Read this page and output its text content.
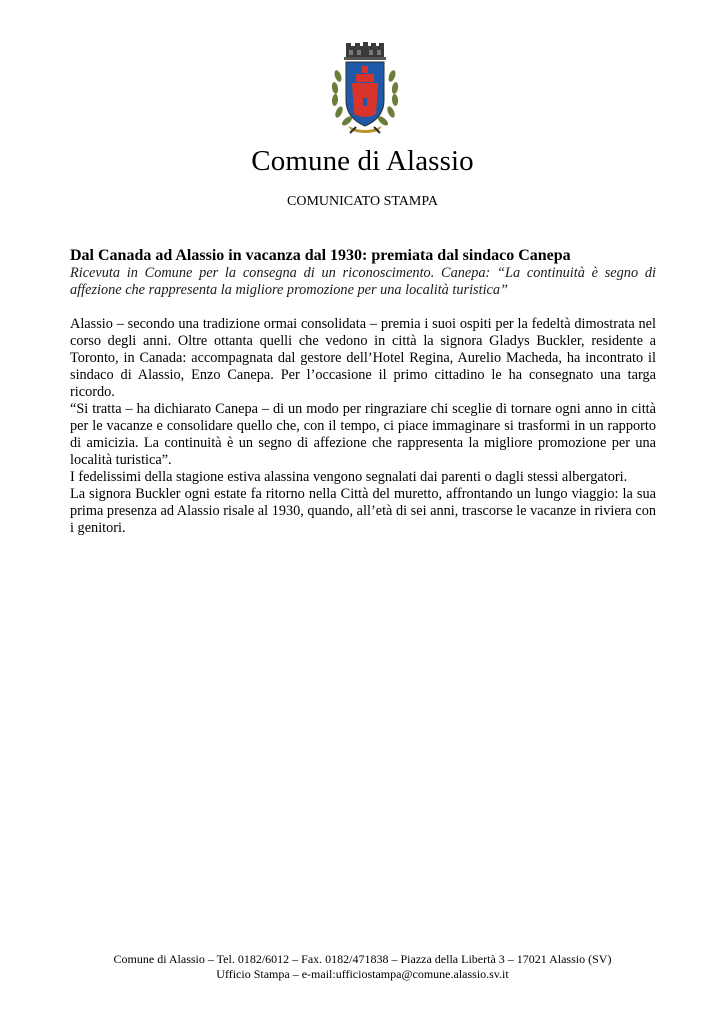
Comune di Alassio
COMUNICATO STAMPA
Dal Canada ad Alassio in vacanza dal 1930: premiata dal sindaco Canepa

Ricevuta in Comune per la consegna di un riconoscimento. Canepa: “La continuità è segno di affezione che rappresenta la migliore promozione per una località turistica”

Alassio – secondo una tradizione ormai consolidata – premia i suoi ospiti per la fedeltà dimostrata nel corso degli anni. Oltre ottanta quelli che vedono in città la signora Gladys Buckler, residente a Toronto, in Canada: accompagnata dal gestore dell’Hotel Regina, Aurelio Macheda, ha incontrato il sindaco di Alassio, Enzo Canepa. Per l’occasione il primo cittadino le ha consegnato una targa ricordo.

“Si tratta – ha dichiarato Canepa – di un modo per ringraziare chi sceglie di tornare ogni anno in città per le vacanze e consolidare quello che, con il tempo, ci piace immaginare si trasformi in un rapporto di amicizia. La continuità è un segno di affezione che rappresenta la migliore promozione per una località turistica”.

I fedelissimi della stagione estiva alassina vengono segnalati dai parenti o dagli stessi albergatori.

La signora Buckler ogni estate fa ritorno nella Città del muretto, affrontando un lungo viaggio: la sua prima presenza ad Alassio risale al 1930, quando, all’età di sei anni, trascorse le vacanze in riviera con i genitori.

Comune di Alassio – Tel. 0182/6012 – Fax. 0182/471838 – Piazza della Libertà 3 – 17021 Alassio (SV)
Ufficio Stampa – e-mail:ufficiostampa@comune.alassio.sv.it
